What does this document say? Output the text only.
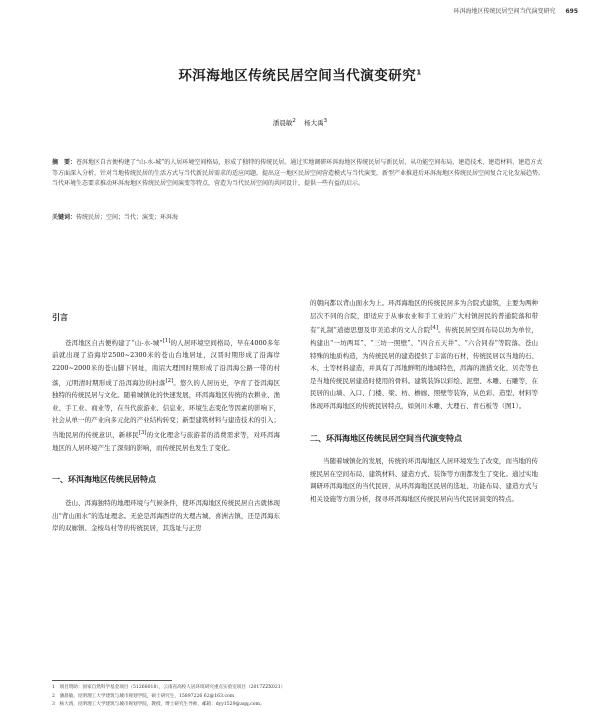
环洱海地区传统民居空间当代演变研究 695
环洱海地区传统民居空间当代演变研究$^1$
潘晨敏$^2$ 杨大禹$^3$
摘　要：苍洱地区自古便构建了“山-水-城”的人居环境空间格局，形成了独特的传统民居。通过实地调研环洱海地区传统民居与新民居，从功能空间布局、建造技术、建造材料、建造方式等方面深入分析，针对当地传统民居的生活方式与当代新民居需求的适应问题，提出这一地区民居空间营造模式与当代演变，新型产业推进后环洱海地区传统民居空间复合元化发展趋势。当代环境生态要求推动环洱海地区传统民居空间演变等特点，营造为当代民居空间的共同设计，提供一些有益的启示。
关键词：传统民居；空间；当代；演变；环洱海
引言

苍洱地区自古便构建了“山-水-城”[1]的人居环境空间格局，早在4000多年前就出现了沿海岸2500~2300米的苍山台地居址，汉晋时期形成了沿海岸2200~2000米的苍山脚下居址，南诏大理国时期形成了沿洱海公路一带的村落，元明清时期形成了沿洱海边的村落[2]。悠久的人居历史，孕育了苍洱海区独特的传统民居与文化。随着城镇化的快速发展，环洱海地区传统的农耕业、渔业、手工业、商业等，在当代旅游业、信息业、环境生态变化等因素的影响下，社会从单一的产业向多元化的产业结构转变；新型建筑材料与建造技术的引入；当地民居的传统意识、新移民[3]的文化理念与旅游者的消费需求等，对环洱海地区的人居环境产生了深刻的影响，而传统民居也发生了变化。

一、环洱海地区传统民居特点

苍山、洱海独特的地理环境与气候条件，使环洱海地区传统民居自古就体现出“背山面水”的选址理念。无论是洱海西岸的大理古城、喜洲古镇，还是洱海东岸的双廊镇、金梭岛村等的传统民居，其选址与正房

的朝向都以背山面水为上。环洱海地区的传统民居多为合院式建筑，主要为两种层次不同的合院，即适应于从事农业和手工业的广大村镇居民的普通院落和带有“礼制”道德思想及审美追求的文人合院[4]。传统民居空间布局以坊为单位，构建出“一坊两耳”、“三坊一照壁”、“四合五天井”、“六合同春”等院落。苍山特殊的地质构造，为传统民居的建造提供了丰富的石材，传统民居以当地的石、木、土等材料建造，并具有了洱地鲜明的地域特色，洱海的渔猎文化、贝壳等也是当地传统民居建造时使用的骨料。建筑装饰以彩绘、泥塑、木雕、石雕等，在民居的山墙、入口、门楼、梁、枋、檐廊、照壁等装饰，从色彩、造型、材料等体现环洱海地区的传统民居特点，如剑川木雕、大理石、青石板等（图1）。

二、环洱海地区传统民居空间当代演变特点

当随着城镇化的发展，传统的环洱海地区人居环境发生了改变，而当地的传统民居在空间布局、建筑材料、建造方式、装饰等方面都发生了变化。通过实地调研环洱海地区的当代民居，从环洱海地区民居的选址、功能布局、建造方式与相关设施等方面分析，探寻环洱海地区传统民居向当代民居演变的特点。

1　项目资助：国家自然科学基金项目（51268018），云南省高校人居环境研究重点实验室项目（2017ZZX021）
2　潘晨敏，昆明理工大学建筑与城市规划学院，硕士研究生，15897226 62@163.com
3　杨大禹，昆明理工大学建筑与城市规划学院，教授，博士研究生导师，邮箱：dyy1529@aqq.com。
